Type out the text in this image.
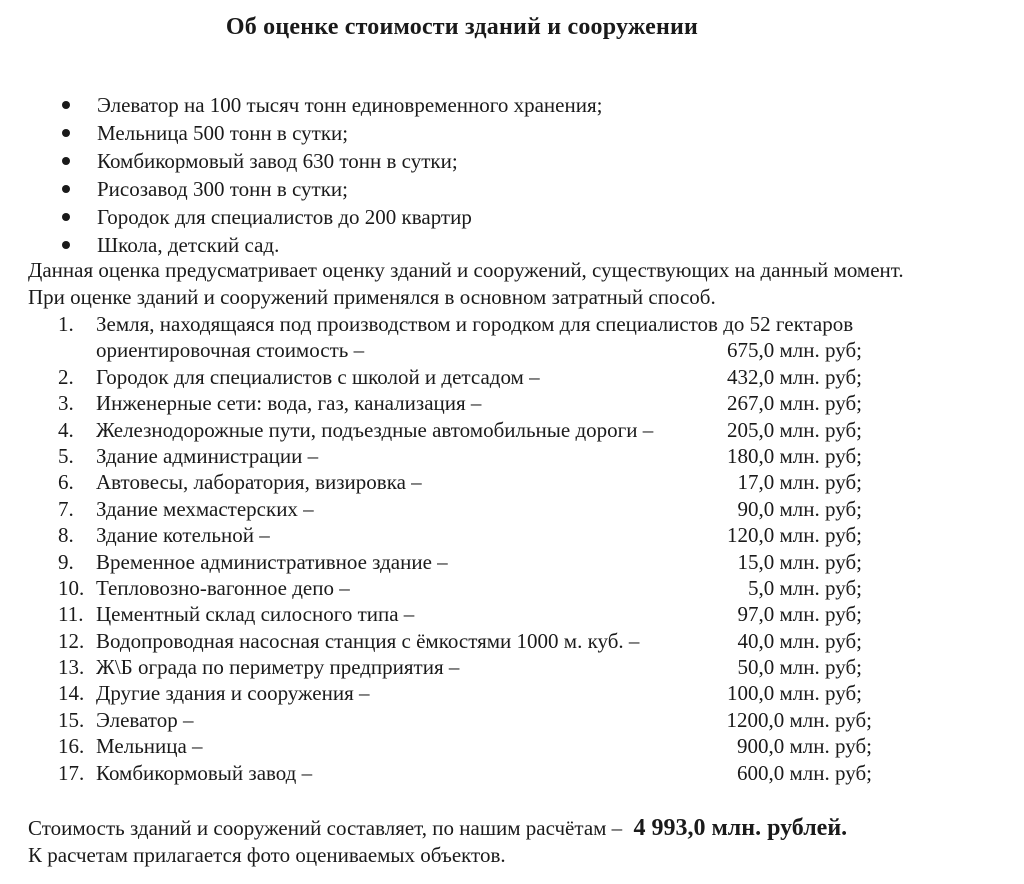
Об оценке стоимости зданий и сооружении
Элеватор на 100 тысяч тонн единовременного хранения;
Мельница 500 тонн в сутки;
Комбикормовый завод 630 тонн в сутки;
Рисозавод 300 тонн в сутки;
Городок для специалистов до 200 квартир
Школа, детский сад.

Данная оценка предусматривает оценку зданий и сооружений, существующих на данный момент.

При оценке зданий и сооружений применялся в основном затратный способ.

1.	Земля, находящаяся под производством и городком для специалистов до 52 гектаров
ориентировочная стоимость –	675,0 млн. руб;
2.	Городок для специалистов с школой и детсадом –	432,0 млн. руб;
3.	Инженерные сети: вода, газ, канализация –	267,0 млн. руб;
4.	Железнодорожные пути, подъездные автомобильные дороги –	205,0 млн. руб;
5.	Здание администрации –	180,0 млн. руб;
6.	Автовесы, лаборатория, визировка –	17,0 млн. руб;
7.	Здание мехмастерских –	90,0 млн. руб;
8.	Здание котельной –	120,0 млн. руб;
9.	Временное административное здание –	15,0 млн. руб;
10. Тепловозно-вагонное депо –	5,0 млн. руб;
11. Цементный склад силосного типа –	97,0 млн. руб;
12. Водопроводная насосная станция с ёмкостями 1000 м. куб. –	40,0 млн. руб;
13. Ж\Б ограда по периметру предприятия –	50,0 млн. руб;
14. Другие здания и сооружения –	100,0 млн. руб;
15. Элеватор –	1200,0 млн. руб;
16. Мельница –	900,0 млн. руб;
17. Комбикормовый завод –	600,0 млн. руб;

Стоимость зданий и сооружений составляет, по нашим расчётам – 4 993,0 млн. рублей.

К расчетам прилагается фото оцениваемых объектов.
